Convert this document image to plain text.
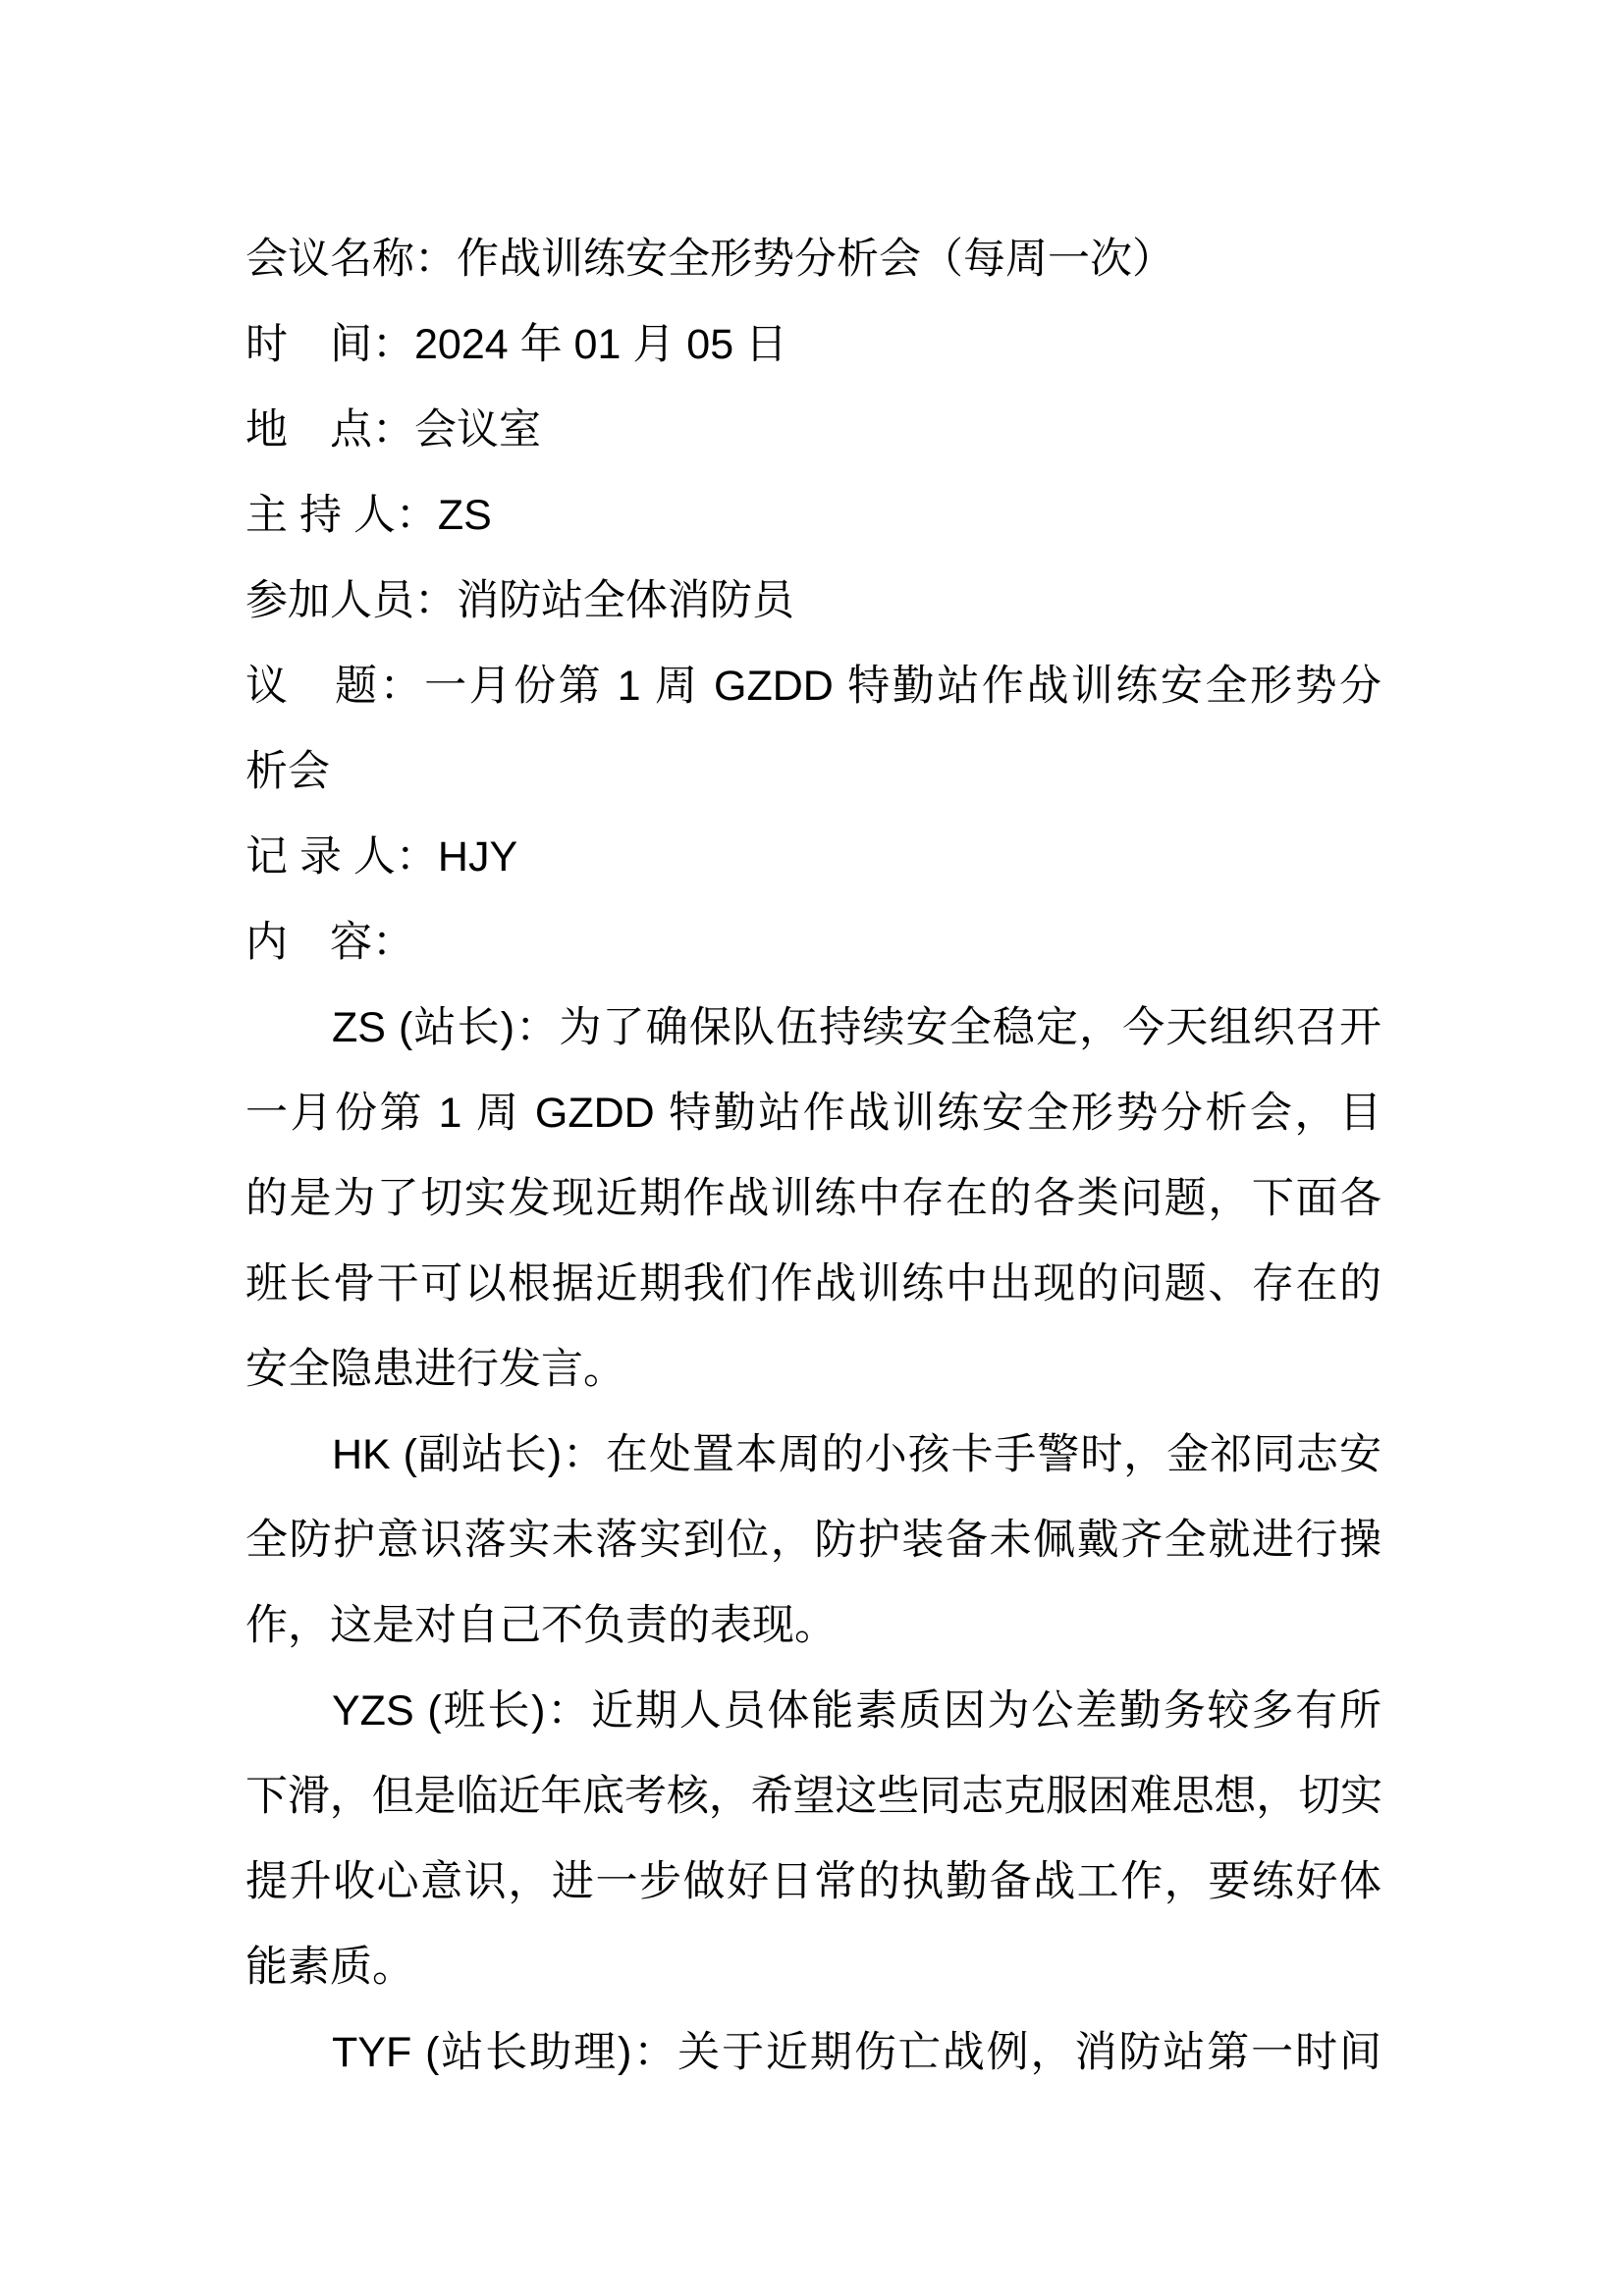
会议名称：作战训练安全形势分析会（每周一次）
时　间：2024 年 01 月 05 日
地　点：会议室
主 持 人：ZS
参加人员：消防站全体消防员
议　题：一月份第 1 周 GZDD 特勤站作战训练安全形势分
析会
记 录 人：HJY
内　容：
ZS (站长)：为了确保队伍持续安全稳定，今天组织召开
一月份第 1 周 GZDD 特勤站作战训练安全形势分析会，目
的是为了切实发现近期作战训练中存在的各类问题，下面各
班长骨干可以根据近期我们作战训练中出现的问题、存在的
安全隐患进行发言。
HK (副站长)：在处置本周的小孩卡手警时，金祁同志安
全防护意识落实未落实到位，防护装备未佩戴齐全就进行操
作，这是对自己不负责的表现。
YZS (班长)：近期人员体能素质因为公差勤务较多有所
下滑，但是临近年底考核，希望这些同志克服困难思想，切实
提升收心意识，进一步做好日常的执勤备战工作，要练好体
能素质。
TYF (站长助理)：关于近期伤亡战例，消防站第一时间
